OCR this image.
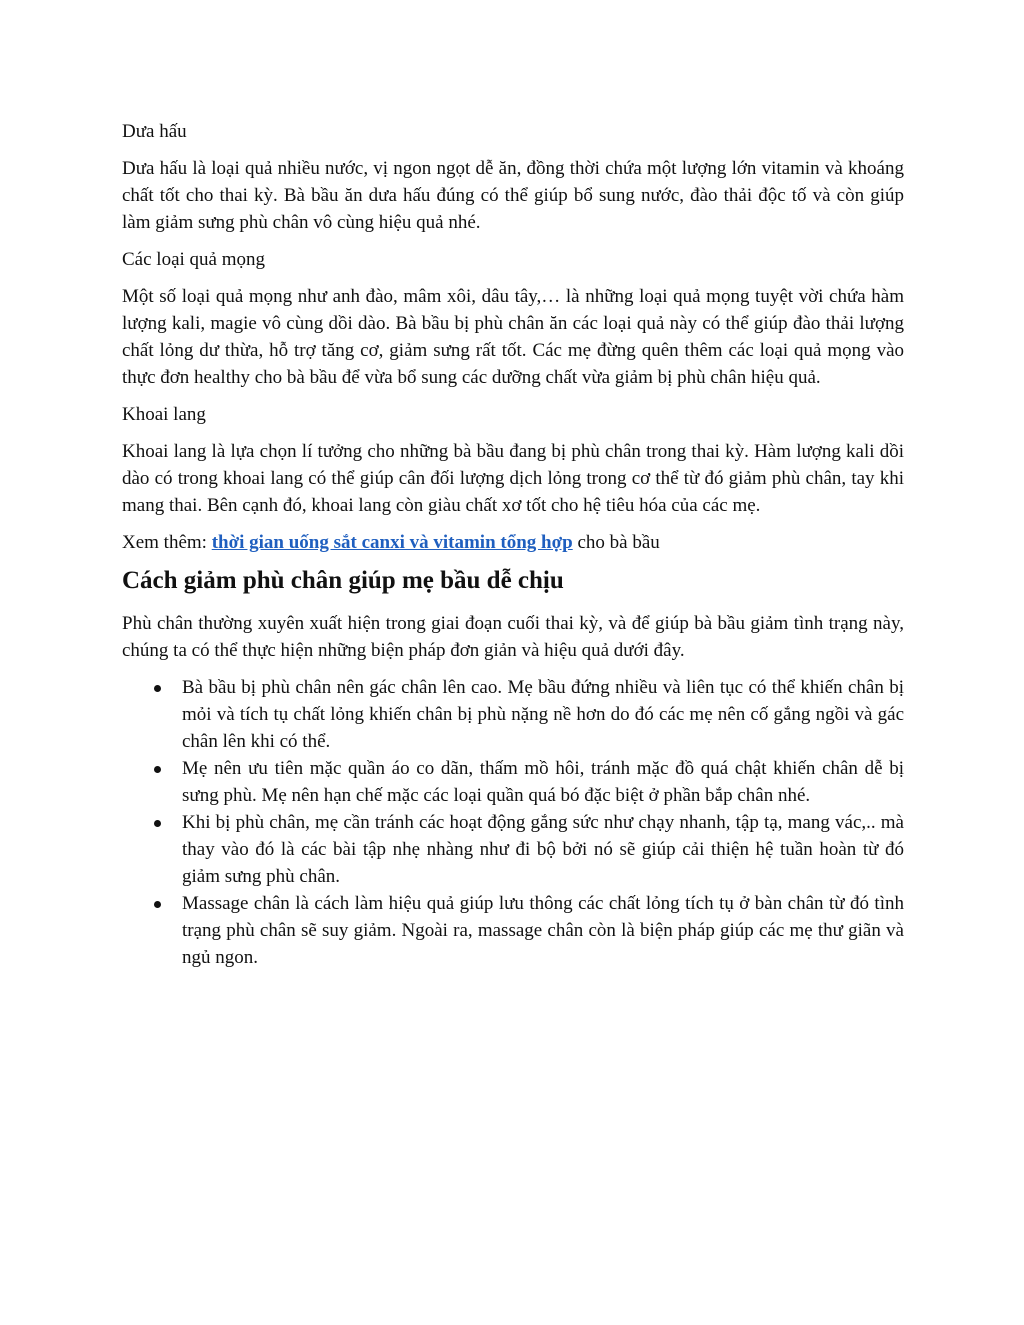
Dưa hấu

Dưa hấu là loại quả nhiều nước, vị ngon ngọt dễ ăn, đồng thời chứa một lượng lớn vitamin và khoáng chất tốt cho thai kỳ. Bà bầu ăn dưa hấu đúng có thể giúp bổ sung nước, đào thải độc tố và còn giúp làm giảm sưng phù chân vô cùng hiệu quả nhé.

Các loại quả mọng

Một số loại quả mọng như anh đào, mâm xôi, dâu tây,… là những loại quả mọng tuyệt vời chứa hàm lượng kali, magie vô cùng dồi dào. Bà bầu bị phù chân ăn các loại quả này có thể giúp đào thải lượng chất lỏng dư thừa, hỗ trợ tăng cơ, giảm sưng rất tốt. Các mẹ đừng quên thêm các loại quả mọng vào thực đơn healthy cho bà bầu để vừa bổ sung các dưỡng chất vừa giảm bị phù chân hiệu quả.

Khoai lang

Khoai lang là lựa chọn lí tưởng cho những bà bầu đang bị phù chân trong thai kỳ. Hàm lượng kali dồi dào có trong khoai lang có thể giúp cân đối lượng dịch lỏng trong cơ thể từ đó giảm phù chân, tay khi mang thai. Bên cạnh đó, khoai lang còn giàu chất xơ tốt cho hệ tiêu hóa của các mẹ.

Xem thêm: thời gian uống sắt canxi và vitamin tổng hợp cho bà bầu
Cách giảm phù chân giúp mẹ bầu dễ chịu

Phù chân thường xuyên xuất hiện trong giai đoạn cuối thai kỳ, và để giúp bà bầu giảm tình trạng này, chúng ta có thể thực hiện những biện pháp đơn giản và hiệu quả dưới đây.

Bà bầu bị phù chân nên gác chân lên cao. Mẹ bầu đứng nhiều và liên tục có thể khiến chân bị mỏi và tích tụ chất lỏng khiến chân bị phù nặng nề hơn do đó các mẹ nên cố gắng ngồi và gác chân lên khi có thể.
Mẹ nên ưu tiên mặc quần áo co dãn, thấm mồ hôi, tránh mặc đồ quá chật khiến chân dễ bị sưng phù. Mẹ nên hạn chế mặc các loại quần quá bó đặc biệt ở phần bắp chân nhé.
Khi bị phù chân, mẹ cần tránh các hoạt động gắng sức như chạy nhanh, tập tạ, mang vác,.. mà thay vào đó là các bài tập nhẹ nhàng như đi bộ bởi nó sẽ giúp cải thiện hệ tuần hoàn từ đó giảm sưng phù chân.
Massage chân là cách làm hiệu quả giúp lưu thông các chất lỏng tích tụ ở bàn chân từ đó tình trạng phù chân sẽ suy giảm. Ngoài ra, massage chân còn là biện pháp giúp các mẹ thư giãn và ngủ ngon.
